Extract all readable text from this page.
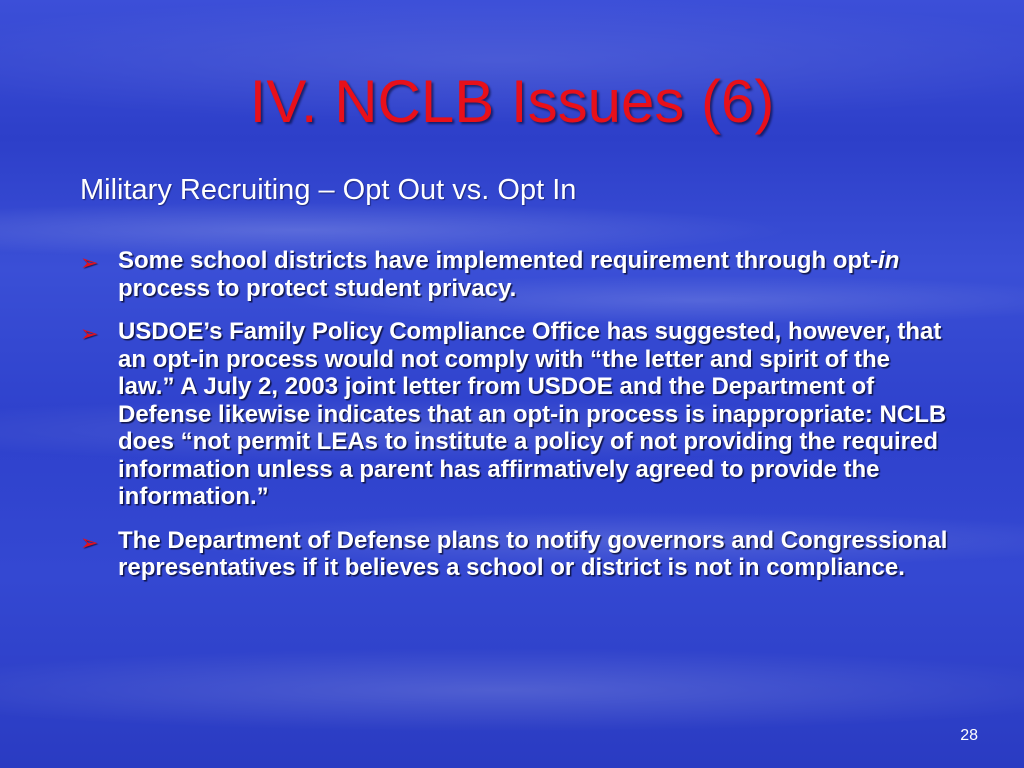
IV. NCLB Issues (6)

Military Recruiting – Opt Out vs. Opt In

➢ Some school districts have implemented requirement through opt-in process to protect student privacy.
➢ USDOE’s Family Policy Compliance Office has suggested, however, that an opt-in process would not comply with “the letter and spirit of the law.” A July 2, 2003 joint letter from USDOE and the Department of Defense likewise indicates that an opt-in process is inappropriate: NCLB does “not permit LEAs to institute a policy of not providing the required information unless a parent has affirmatively agreed to provide the information.”
➢ The Department of Defense plans to notify governors and Congressional representatives if it believes a school or district is not in compliance.
28
